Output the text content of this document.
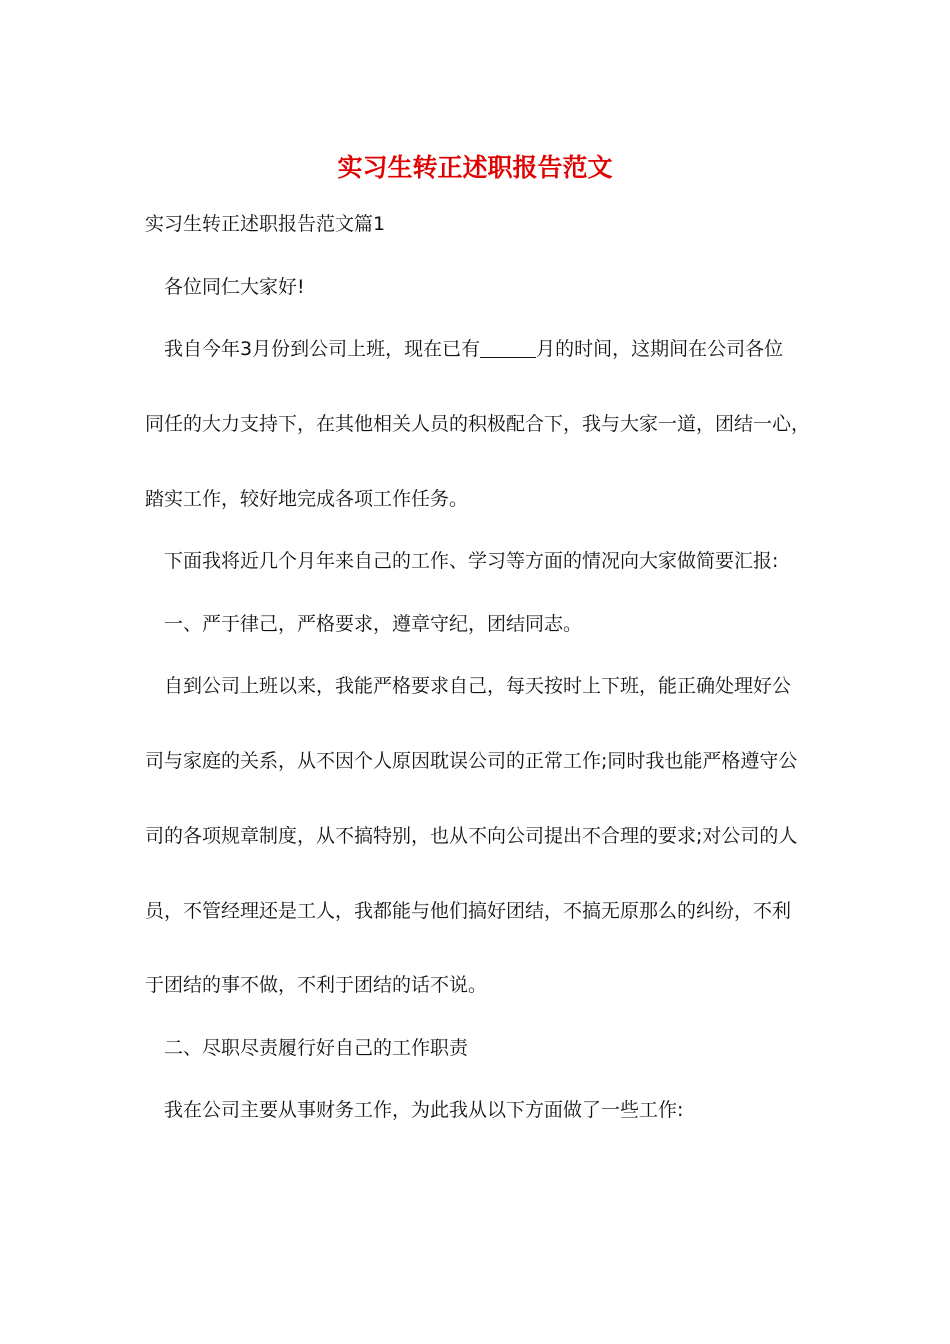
实习生转正述职报告范文
实习生转正述职报告范文篇1
各位同仁大家好!
我自今年3月份到公司上班，现在已有	月的时间，这期间在公司各位
同任的大力支持下，在其他相关人员的积极配合下，我与大家一道，团结一心，
踏实工作，较好地完成各项工作任务。
下面我将近几个月年来自己的工作、学习等方面的情况向大家做简要汇报:
一、严于律己，严格要求，遵章守纪，团结同志。
自到公司上班以来，我能严格要求自己，每天按时上下班，能正确处理好公
司与家庭的关系，从不因个人原因耽误公司的正常工作;同时我也能严格遵守公
司的各项规章制度，从不搞特别，也从不向公司提出不合理的要求;对公司的人
员，不管经理还是工人，我都能与他们搞好团结，不搞无原那么的纠纷，不利
于团结的事不做，不利于团结的话不说。
二、尽职尽责履行好自己的工作职责
我在公司主要从事财务工作，为此我从以下方面做了一些工作:
